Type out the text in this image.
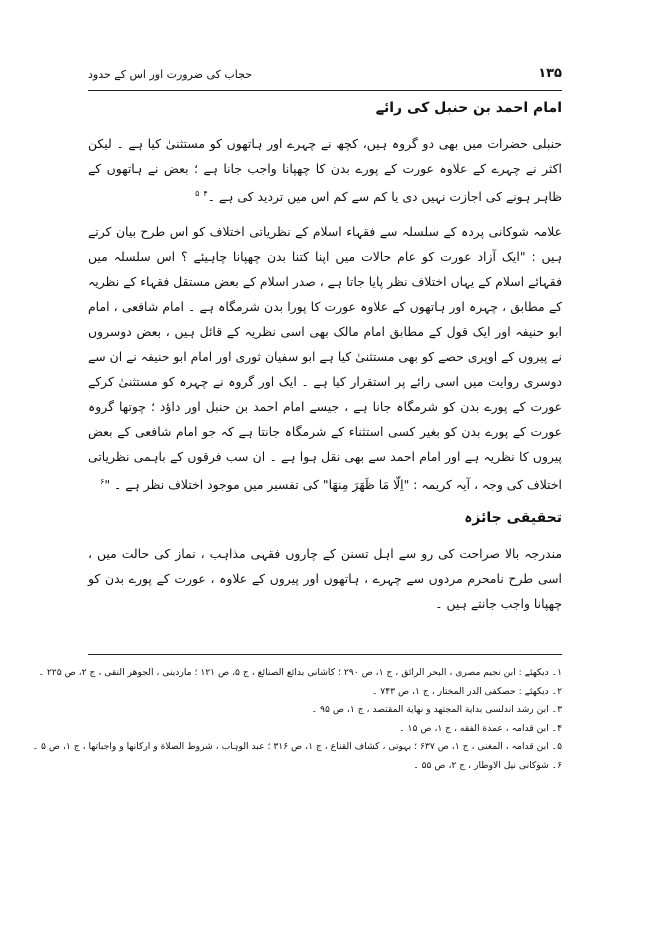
۱۳۵
حجاب کی ضرورت اور اس کے حدود
امام احمد بن حنبل کی رائے

حنبلی حضرات میں بھی دو گروہ ہیں، کچھ نے چہرے اور ہاتھوں کو مستثنیٰ کیا ہے ۔ لیکن اکثر نے چہرے کے علاوہ عورت کے پورے بدن کا چھپانا واجب جانا ہے ؛ بعض نے ہاتھوں کے ظاہر ہونے کی اجازت نہیں دی یا کم سے کم اس میں تردید کی ہے ۔$^۴$ $^۵$

علامہ شوکانی پردہ کے سلسلہ سے فقہاء اسلام کے نظریاتی اختلاف کو اس طرح بیان کرتے ہیں : "ایک آزاد عورت کو عام حالات میں اپنا کتنا بدن چھپانا چاہیئے ؟ اس سلسلہ میں فقہائے اسلام کے یہاں اختلاف نظر پایا جاتا ہے ، صدر اسلام کے بعض مستقل فقہاء کے نظریہ کے مطابق ، چہرہ اور ہاتھوں کے علاوہ عورت کا پورا بدن شرمگاہ ہے ۔ امام شافعی ، امام ابو حنیفہ اور ایک قول کے مطابق امام مالک بھی اسی نظریہ کے قائل ہیں ، بعض دوسروں نے پیروں کے اوپری حصے کو بھی مستثنیٰ کیا ہے ابو سفیان ثوری اور امام ابو حنیفہ نے ان سے دوسری روایت میں اسی رائے پر استقرار کیا ہے ۔ ایک اور گروہ نے چہرہ کو مستثنیٰ کرکے عورت کے پورے بدن کو شرمگاہ جانا ہے ، جیسے امام احمد بن حنبل اور داؤد ؛ چوتھا گروہ عورت کے پورے بدن کو بغیر کسی استثناء کے شرمگاہ جانتا ہے کہ جو امام شافعی کے بعض پیروں کا نظریہ ہے اور امام احمد سے بھی نقل ہوا ہے ۔ ان سب فرقوں کے باہمی نظریاتی اختلاف کی وجہ ، آیہ کریمہ : "اِلّا مَا ظَهَرَ مِنهَا" کی تفسیر میں موجود اختلاف نظر ہے ۔ "$^۶$

تحقیقی جائزہ

مندرجہ بالا صراحت کی رو سے اہل تسنن کے چاروں فقہی مذاہب ، نماز کی حالت میں ، اسی طرح نامحرم مردوں سے چہرے ، ہاتھوں اور پیروں کے علاوہ ، عورت کے پورے بدن کو چھپانا واجب جانتے ہیں ۔

۱۔ دیکھئے : ابن نجیم مصری ، البحر الرائق ، ج ۱، ص ۲۹۰ ؛ کاشانی بدائع الصنائع ، ج ۵، ص ۱۲۱ ؛ ماردینی ، الجوهر النقی ، ج ۲، ص ۲۲۵ ۔
۲۔ دیکھئے : حصکفی الدر المختار ، ج ۱، ص ۷۴۳ ۔
۳۔ ابن رشد اندلسی بدایة المجتهد و نهایة المقتصد ، ج ۱، ص ۹۵ ۔
۴۔ ابن قدامہ ، عمدة الفقه ، ج ۱، ص ۱۵ ۔
۵۔ ابن قدامہ ، المغنی ، ج ۱، ص ۶۳۷ ؛ بہوتی ، کشاف القناع ، ج ۱، ص ۳۱۶ ؛ عبد الوہاب ، شروط الصلاة و ارکانها و واجباتها ، ج ۱، ص ۵ ۔
۶۔ شوکانی نیل الاوطار ، ج ۲، ص ۵۵ ۔
